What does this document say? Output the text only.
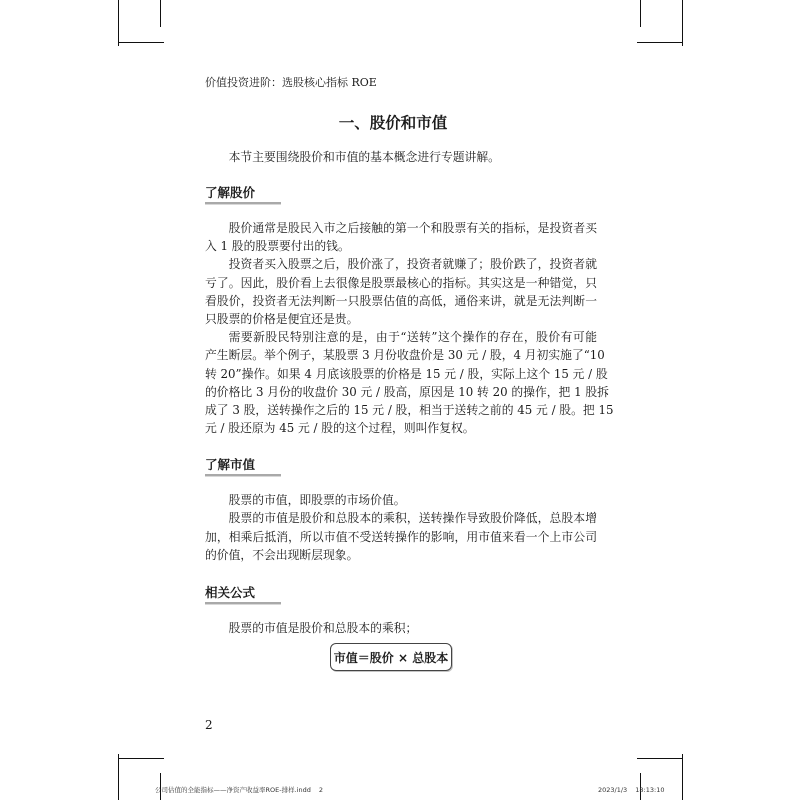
价值投资进阶：选股核心指标 ROE
一、股价和市值
本节主要围绕股价和市值的基本概念进行专题讲解。
了解股价
股价通常是股民入市之后接触的第一个和股票有关的指标，是投资者买
入 1 股的股票要付出的钱。
投资者买入股票之后，股价涨了，投资者就赚了；股价跌了，投资者就
亏了。因此，股价看上去很像是股票最核心的指标。其实这是一种错觉，只
看股价，投资者无法判断一只股票估值的高低，通俗来讲，就是无法判断一
只股票的价格是便宜还是贵。
需要新股民特别注意的是，由于“送转”这个操作的存在，股价有可能
产生断层。举个例子，某股票 3 月份收盘价是 30 元 / 股，4 月初实施了“10
转 20”操作。如果 4 月底该股票的价格是 15 元 / 股，实际上这个 15 元 / 股
的价格比 3 月份的收盘价 30 元 / 股高，原因是 10 转 20 的操作，把 1 股拆
成了 3 股，送转操作之后的 15 元 / 股，相当于送转之前的 45 元 / 股。把 15
元 / 股还原为 45 元 / 股的这个过程，则叫作复权。
了解市值
股票的市值，即股票的市场价值。
股票的市值是股价和总股本的乘积，送转操作导致股价降低，总股本增
加，相乘后抵消，所以市值不受送转操作的影响，用市值来看一个上市公司
的价值，不会出现断层现象。
相关公式
股票的市值是股价和总股本的乘积；
市值＝股价 × 总股本
2
公司估值的全能指标——净资产收益率ROE-排样.indd 2	2023/1/3 18:13:10
